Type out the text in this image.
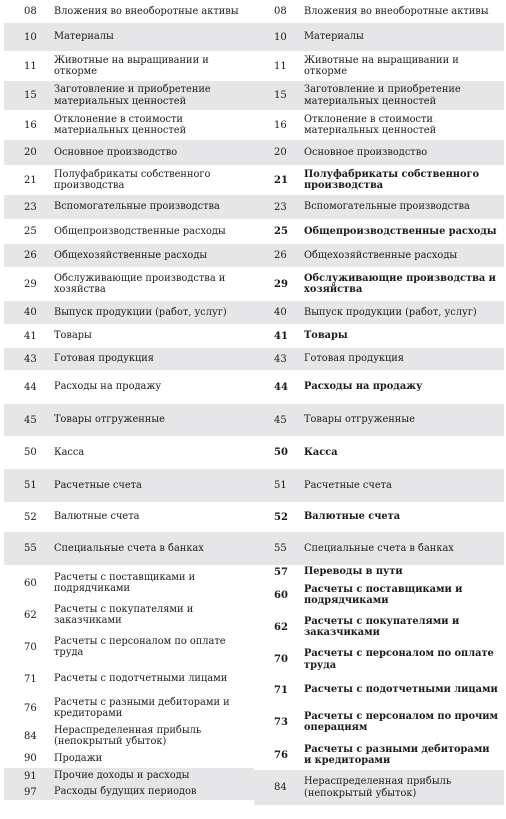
08	Вложения во внеоборотные активы
10	Материалы
11
Животные на выращивании и откорме
15
Заготовление и приобретение материальных ценностей
16
Отклонение в стоимости материальных ценностей
20	Основное производство
21
Полуфабрикаты собственного производства
23	Вспомогательные производства
25	Общепроизводственные расходы
26	Общехозяйственные расходы
29
Обслуживающие производства и хозяйства
40	Выпуск продукции (работ, услуг)
41	Товары
43	Готовая продукция
44	Расходы на продажу
45	Товары отгруженные
50	Касса
51	Расчетные счета
52	Валютные счета
55	Специальные счета в банках
60
Расчеты с поставщиками и подрядчиками
62
Расчеты с покупателями и заказчиками
70
Расчеты с персоналом по оплате труда
71	Расчеты с подотчетными лицами
76
Расчеты с разными дебиторами и кредиторами
84
Нераспределенная прибыль (непокрытый убыток)
90	Продажи
91	Прочие доходы и расходы
97	Расходы будущих периодов
08	Вложения во внеоборотные активы
10	Материалы
11
Животные на выращивании и откорме
15
Заготовление и приобретение материальных ценностей
16
Отклонение в стоимости материальных ценностей
20	Основное производство
21
Полуфабрикаты собственного производства
23	Вспомогательные производства
25	Общепроизводственные расходы
26	Общехозяйственные расходы
29
Обслуживающие производства и хозяйства
40	Выпуск продукции (работ, услуг)
41	Товары
43	Готовая продукция
44	Расходы на продажу
45	Товары отгруженные
50	Касса
51	Расчетные счета
52	Валютные счета
55	Специальные счета в банках
57	Переводы в пути
60
Расчеты с поставщиками и подрядчиками
62
Расчеты с покупателями и заказчиками
70
Расчеты с персоналом по оплате труда
71	Расчеты с подотчетными лицами
73
Расчеты с персоналом по прочим операциям
76
Расчеты с разными дебиторами и кредиторами
84
Нераспределенная прибыль (непокрытый убыток)
